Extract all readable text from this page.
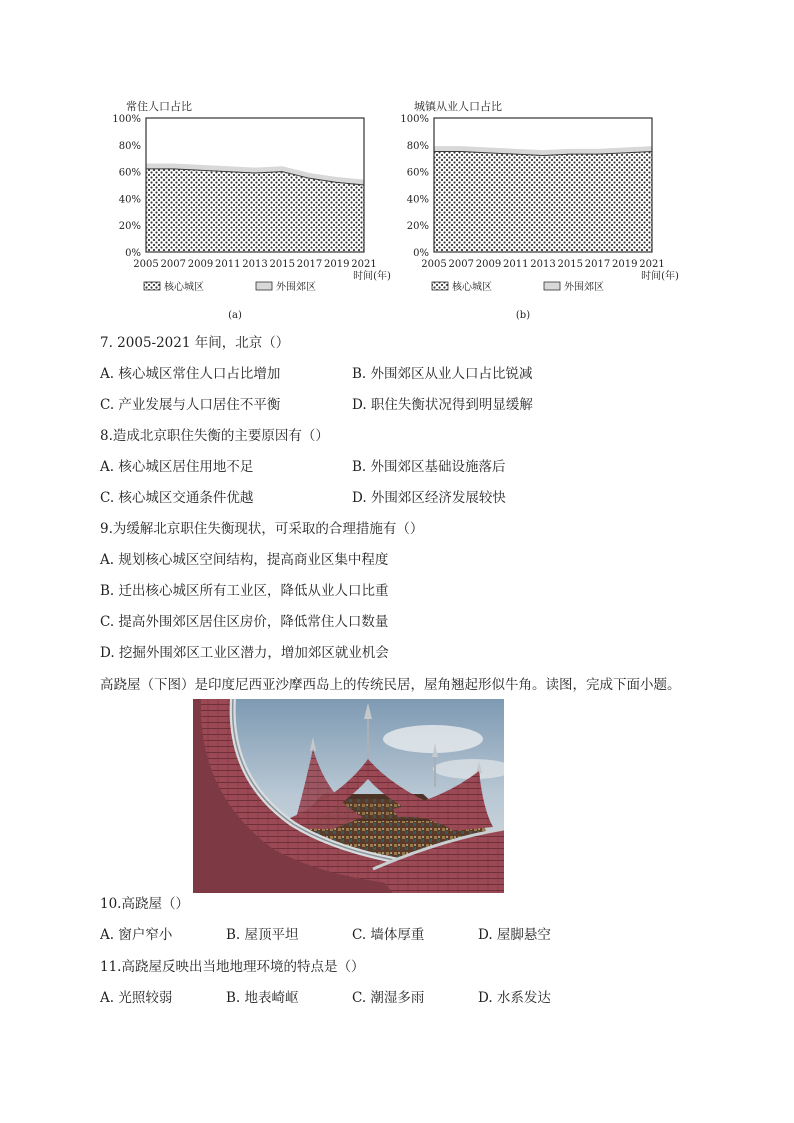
常住人口占比
0%
20%
40%
60%
80%
100%
2005 2007 2009 2011 2013 2015 2017 2019 2021
时间(年)
核心城区	外围郊区
(a)
城镇从业人口占比
0%
20%
40%
60%
80%
100%
2005 2007 2009 2011 2013 2015 2017 2019 2021
时间(年)
核心城区	外围郊区
(b)
7. 2005-2021 年间，北京（）
A. 核心城区常住人口占比增加	B. 外围郊区从业人口占比锐减
C. 产业发展与人口居住不平衡	D. 职住失衡状况得到明显缓解
8.造成北京职住失衡的主要原因有（）
A. 核心城区居住用地不足	B. 外围郊区基础设施落后
C. 核心城区交通条件优越	D. 外围郊区经济发展较快
9.为缓解北京职住失衡现状，可采取的合理措施有（）
A. 规划核心城区空间结构，提高商业区集中程度
B. 迁出核心城区所有工业区，降低从业人口比重
C. 提高外围郊区居住区房价，降低常住人口数量
D. 挖掘外围郊区工业区潜力，增加郊区就业机会
高跷屋（下图）是印度尼西亚沙摩西岛上的传统民居，屋角翘起形似牛角。读图，完成下面小题。
10.高跷屋（）
A. 窗户窄小	B. 屋顶平坦	C. 墙体厚重	D. 屋脚悬空
11.高跷屋反映出当地地理环境的特点是（）
A. 光照较弱	B. 地表崎岖	C. 潮湿多雨	D. 水系发达
